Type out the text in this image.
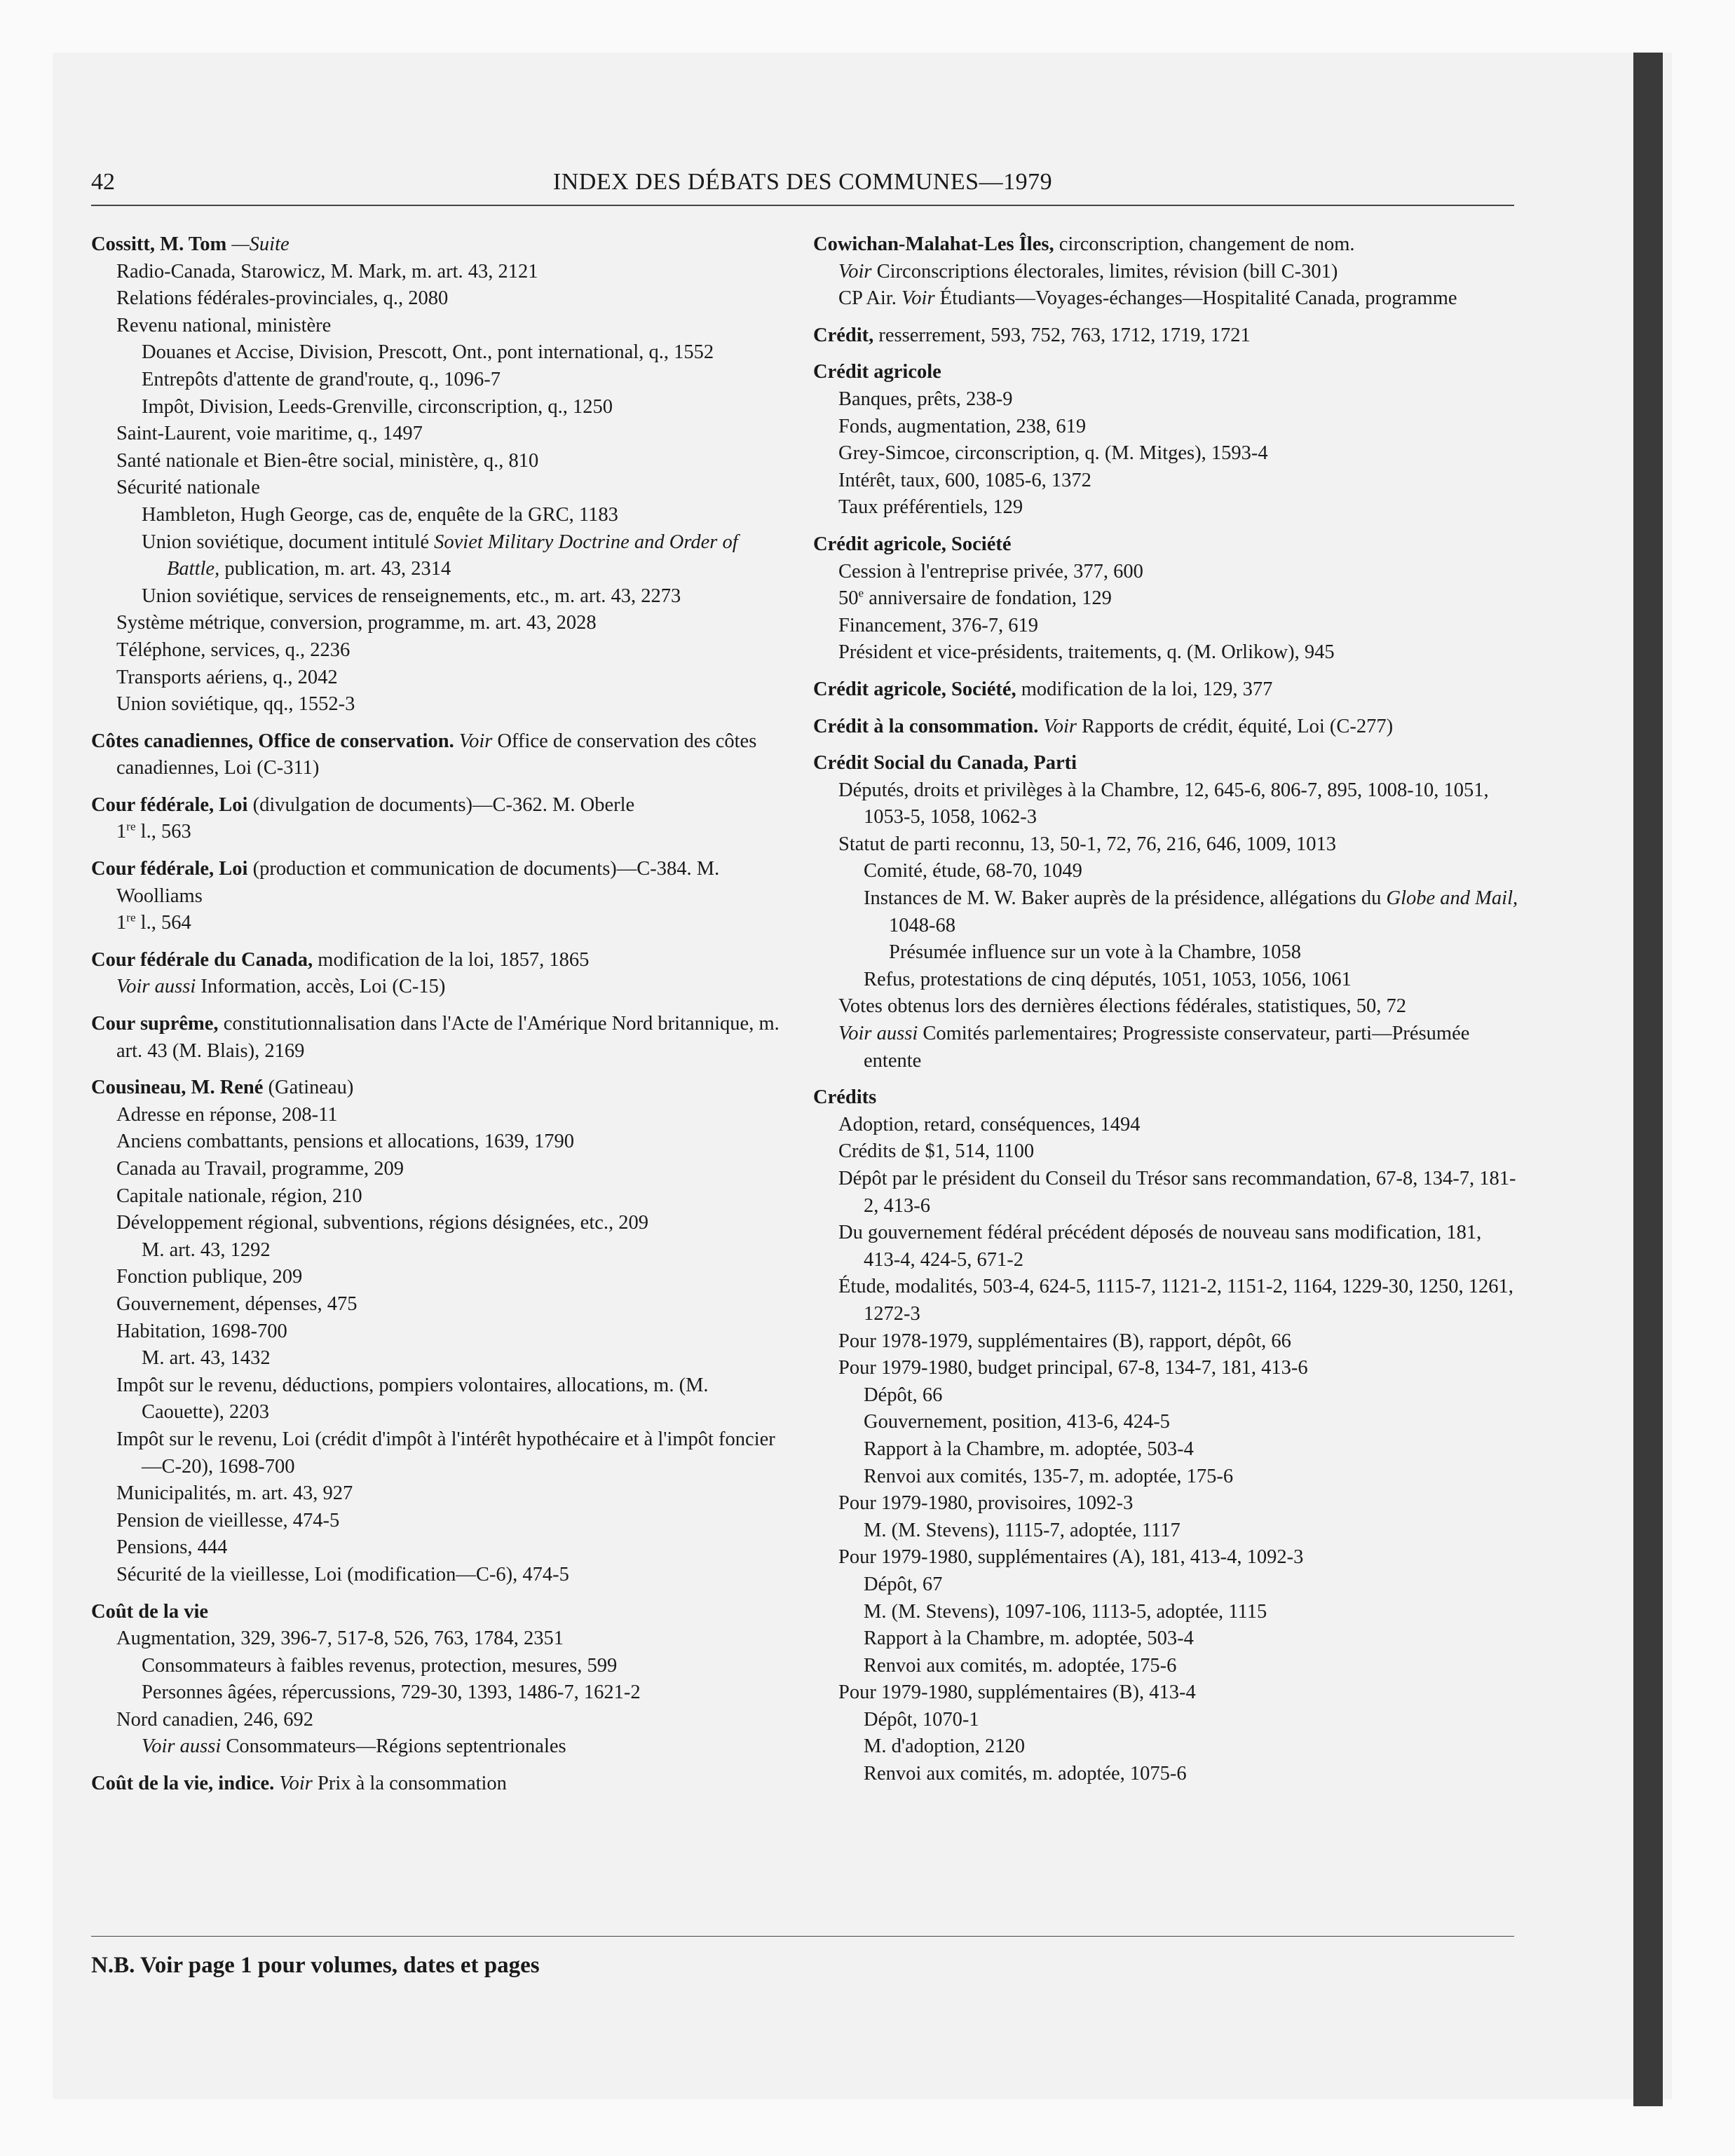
42	INDEX DES DÉBATS DES COMMUNES—1979
Cossitt, M. Tom —Suite
Radio-Canada, Starowicz, M. Mark, m. art. 43, 2121
Relations fédérales-provinciales, q., 2080
Revenu national, ministère
Douanes et Accise, Division, Prescott, Ont., pont international, q., 1552
Entrepôts d'attente de grand'route, q., 1096-7
Impôt, Division, Leeds-Grenville, circonscription, q., 1250
Saint-Laurent, voie maritime, q., 1497
Santé nationale et Bien-être social, ministère, q., 810
Sécurité nationale
Hambleton, Hugh George, cas de, enquête de la GRC, 1183
Union soviétique, document intitulé Soviet Military Doctrine and Order of Battle, publication, m. art. 43, 2314
Union soviétique, services de renseignements, etc., m. art. 43, 2273
Système métrique, conversion, programme, m. art. 43, 2028
Téléphone, services, q., 2236
Transports aériens, q., 2042
Union soviétique, qq., 1552-3
Côtes canadiennes, Office de conservation. Voir Office de conservation des côtes canadiennes, Loi (C-311)
Cour fédérale, Loi (divulgation de documents)—C-362. M. Oberle
1re l., 563
Cour fédérale, Loi (production et communication de documents)—C-384. M. Woolliams
1re l., 564
Cour fédérale du Canada, modification de la loi, 1857, 1865
Voir aussi Information, accès, Loi (C-15)
Cour suprême, constitutionnalisation dans l'Acte de l'Amérique Nord britannique, m. art. 43 (M. Blais), 2169
Cousineau, M. René (Gatineau)
Adresse en réponse, 208-11
Anciens combattants, pensions et allocations, 1639, 1790
Canada au Travail, programme, 209
Capitale nationale, région, 210
Développement régional, subventions, régions désignées, etc., 209
M. art. 43, 1292
Fonction publique, 209
Gouvernement, dépenses, 475
Habitation, 1698-700
M. art. 43, 1432
Impôt sur le revenu, déductions, pompiers volontaires, allocations, m. (M. Caouette), 2203
Impôt sur le revenu, Loi (crédit d'impôt à l'intérêt hypothécaire et à l'impôt foncier—C-20), 1698-700
Municipalités, m. art. 43, 927
Pension de vieillesse, 474-5
Pensions, 444
Sécurité de la vieillesse, Loi (modification—C-6), 474-5
Coût de la vie
Augmentation, 329, 396-7, 517-8, 526, 763, 1784, 2351
Consommateurs à faibles revenus, protection, mesures, 599
Personnes âgées, répercussions, 729-30, 1393, 1486-7, 1621-2
Nord canadien, 246, 692
Voir aussi Consommateurs—Régions septentrionales
Coût de la vie, indice. Voir Prix à la consommation
Cowichan-Malahat-Les Îles, circonscription, changement de nom.
Voir Circonscriptions électorales, limites, révision (bill C-301)
CP Air. Voir Étudiants—Voyages-échanges—Hospitalité Canada, programme
Crédit, resserrement, 593, 752, 763, 1712, 1719, 1721
Crédit agricole
Banques, prêts, 238-9
Fonds, augmentation, 238, 619
Grey-Simcoe, circonscription, q. (M. Mitges), 1593-4
Intérêt, taux, 600, 1085-6, 1372
Taux préférentiels, 129
Crédit agricole, Société
Cession à l'entreprise privée, 377, 600
50e anniversaire de fondation, 129
Financement, 376-7, 619
Président et vice-présidents, traitements, q. (M. Orlikow), 945
Crédit agricole, Société, modification de la loi, 129, 377
Crédit à la consommation. Voir Rapports de crédit, équité, Loi (C-277)
Crédit Social du Canada, Parti
Députés, droits et privilèges à la Chambre, 12, 645-6, 806-7, 895, 1008-10, 1051, 1053-5, 1058, 1062-3
Statut de parti reconnu, 13, 50-1, 72, 76, 216, 646, 1009, 1013
Comité, étude, 68-70, 1049
Instances de M. W. Baker auprès de la présidence, allégations du Globe and Mail, 1048-68
Présumée influence sur un vote à la Chambre, 1058
Refus, protestations de cinq députés, 1051, 1053, 1056, 1061
Votes obtenus lors des dernières élections fédérales, statistiques, 50, 72
Voir aussi Comités parlementaires; Progressiste conservateur, parti—Présumée entente
Crédits
Adoption, retard, conséquences, 1494
Crédits de $1, 514, 1100
Dépôt par le président du Conseil du Trésor sans recommandation, 67-8, 134-7, 181-2, 413-6
Du gouvernement fédéral précédent déposés de nouveau sans modification, 181, 413-4, 424-5, 671-2
Étude, modalités, 503-4, 624-5, 1115-7, 1121-2, 1151-2, 1164, 1229-30, 1250, 1261, 1272-3
Pour 1978-1979, supplémentaires (B), rapport, dépôt, 66
Pour 1979-1980, budget principal, 67-8, 134-7, 181, 413-6
Dépôt, 66
Gouvernement, position, 413-6, 424-5
Rapport à la Chambre, m. adoptée, 503-4
Renvoi aux comités, 135-7, m. adoptée, 175-6
Pour 1979-1980, provisoires, 1092-3
M. (M. Stevens), 1115-7, adoptée, 1117
Pour 1979-1980, supplémentaires (A), 181, 413-4, 1092-3
Dépôt, 67
M. (M. Stevens), 1097-106, 1113-5, adoptée, 1115
Rapport à la Chambre, m. adoptée, 503-4
Renvoi aux comités, m. adoptée, 175-6
Pour 1979-1980, supplémentaires (B), 413-4
Dépôt, 1070-1
M. d'adoption, 2120
Renvoi aux comités, m. adoptée, 1075-6
N.B. Voir page 1 pour volumes, dates et pages
